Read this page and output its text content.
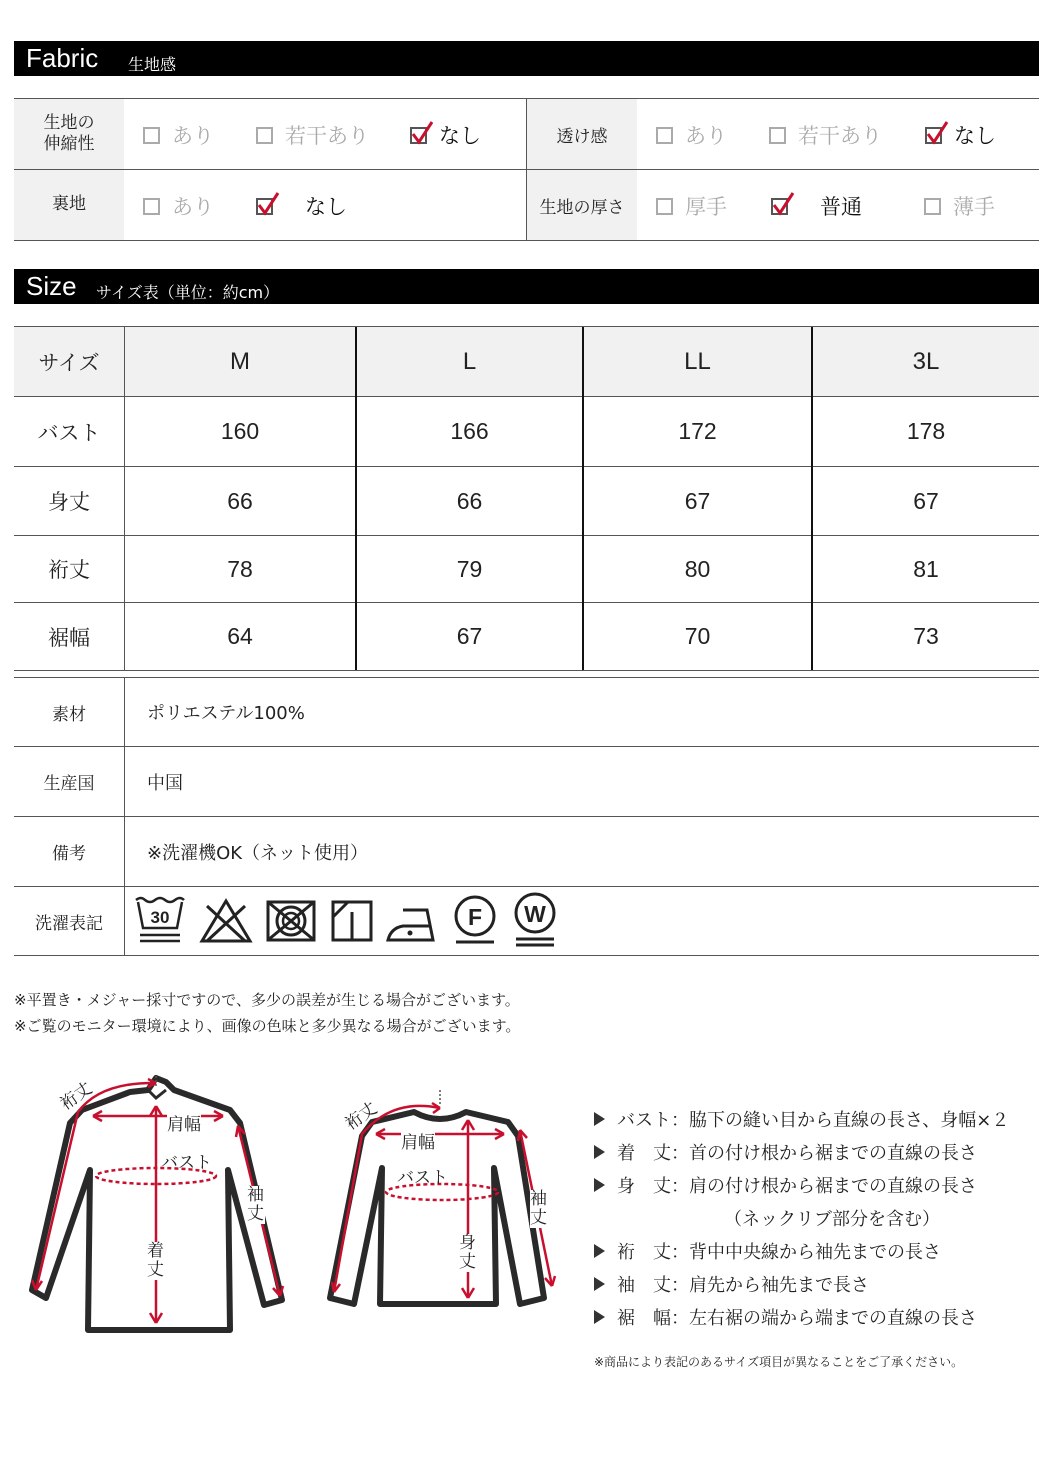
Fabric 生地感
生地の
伸縮性	あり	若干あり	なし	透け感	あり	若干あり	なし
裏地	あり	なし	生地の厚さ	厚手	普通	薄手
Size サイズ表（単位：約cm）
サイズ	M	L	LL	3L
バスト	160	166	172	178
身丈	66	66	67	67
裄丈	78	79	80	81
裾幅	64	67	70	73
素材	ポリエステル100%
生産国	中国
備考	※洗濯機OK（ネット使用）
洗濯表記	30	F W
※平置き・メジャー採寸ですので、多少の誤差が生じる場合がございます。
※ご覧のモニター環境により、画像の色味と多少異なる場合がございます。
裄丈
肩幅
バスト
袖丈
着丈
裄丈
肩幅
バスト
袖丈
身丈
バスト：脇下の縫い目から直線の長さ、身幅×２
着　丈：首の付け根から裾までの直線の長さ
身　丈：肩の付け根から裾までの直線の長さ
（ネックリブ部分を含む）
裄　丈：背中中央線から袖先までの長さ
袖　丈：肩先から袖先まで長さ
裾　幅：左右裾の端から端までの直線の長さ
※商品により表記のあるサイズ項目が異なることをご了承ください。
